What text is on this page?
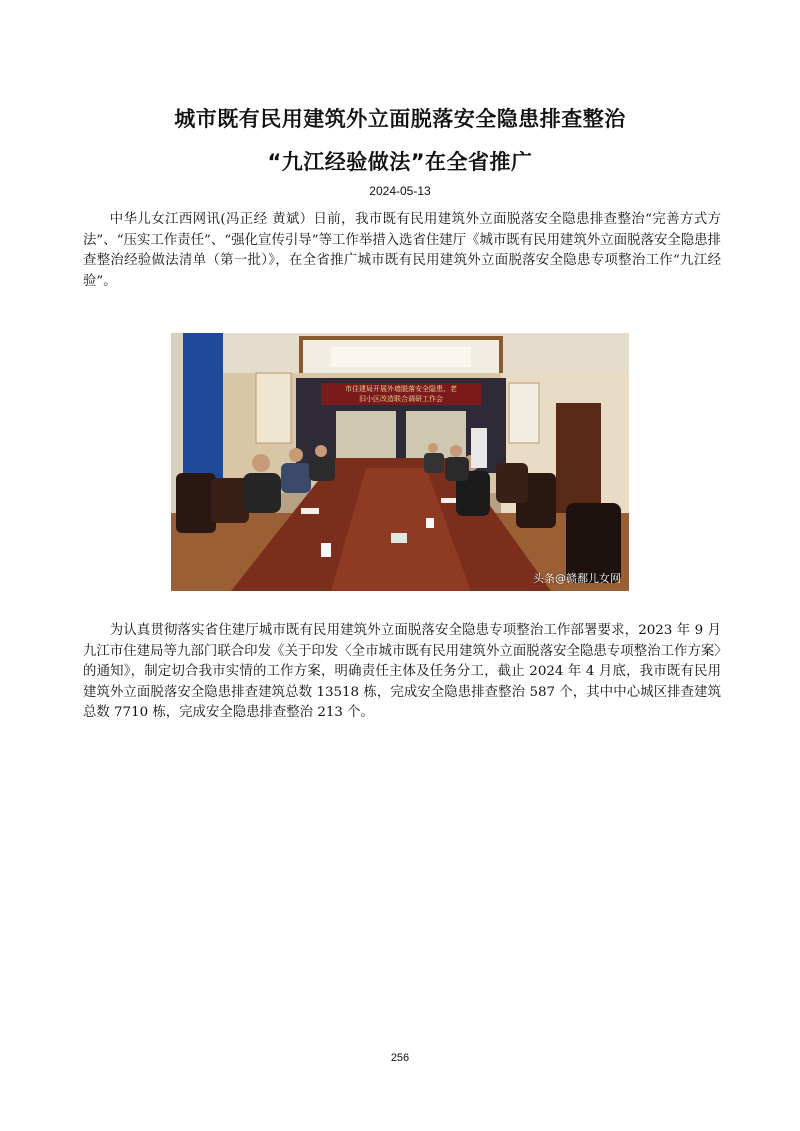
城市既有民用建筑外立面脱落安全隐患排查整治
“九江经验做法”在全省推广
2024-05-13

中华儿女江西网讯(冯正经 黄斌）日前，我市既有民用建筑外立面脱落安全隐患排查整治“完善方式方法”、“压实工作责任”、“强化宣传引导”等工作举措入选省住建厅《城市既有民用建筑外立面脱落安全隐患排查整治经验做法清单（第一批）》，在全省推广城市既有民用建筑外立面脱落安全隐患专项整治工作“九江经验”。

市住建局开展外墙脱落安全隐患、老
旧小区改造联合调研工作会
头条@赣鄱儿女网

为认真贯彻落实省住建厅城市既有民用建筑外立面脱落安全隐患专项整治工作部署要求，2023 年 9 月九江市住建局等九部门联合印发《关于印发〈全市城市既有民用建筑外立面脱落安全隐患专项整治工作方案〉的通知》，制定切合我市实情的工作方案，明确责任主体及任务分工，截止 2024 年 4 月底，我市既有民用建筑外立面脱落安全隐患排查建筑总数 13518 栋，完成安全隐患排查整治 587 个，其中中心城区排查建筑总数 7710 栋，完成安全隐患排查整治 213 个。

256
